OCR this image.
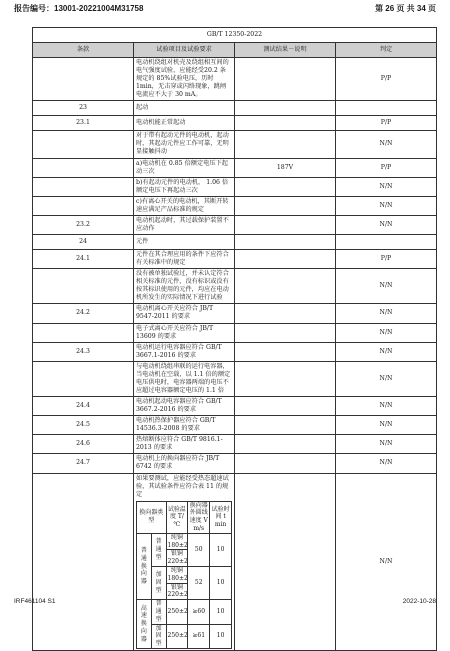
报告编号：13001-20221004M31758	第 26 页 共 34 页
GB/T 12350-2022
条款	试验项目及试验要求	测试结果－说明	判定
	电动机绕组对机壳及绕组相互间的电气强度试验，应能经受20.2 条规定的 85%试验电压，历时 1min，无击穿或闪络现象，跳闸电流应不大于 30 mA。		P/P
23	起动		
23.1	电动机能正常起动		P/P
	对于带有起动元件的电动机，起动时，其起动元件应工作可靠，无明显接触抖动		N/N
	a)电动机在 0.85 倍额定电压下起动三次	187V	P/P
	b)有起动元件的电动机， 1.06 倍额定电压下再起动三次		N/N
	c)有离心开关的电动机，其断开转速应满足产品标准的规定		N/N
23.2	电动机起动时，其过载保护装置不应动作		N/N
24	元件		
24.1	元件在其合理应用的条件下应符合有关标准中的规定		P/P
	没有被单独试验过，并未认定符合相关标准的元件，没有标识或没有按其标识使用的元件，均应在电动机所发生的实际情况下进行试验		N/N
24.2	电动机离心开关应符合 JB/T 9547-2011 的要求		N/N
	电子式离心开关应符合 JB/T 13609 的要求		N/N
24.3	电动机运行电容器应符合 GB/T 3667.1-2016 的要求		N/N
	与电动机绕组串联的运行电容器，当电动机在空载，以 1.1 倍的额定电压供电时，电容器两端的电压不应超过电容器额定电压的 1.1 倍		N/N
24.4	电动机起动电容器应符合 GB/T 3667.2-2016 的要求		N/N
24.5	电动机热保护器应符合 GB/T 14536.3-2008 的要求		N/N
24.6	热熔断体应符合 GB/T 9816.1-2013 的要求		N/N
24.7	电动机上的换向器应符合 JB/T 6742 的要求		N/N

如果要测试，应能经受热态超速试验，其试验条件应符合表 11 的规定
换向器类型	试验温度 T/℃	换向器外圆线速度 V m/s	试验时间 t min
普通换向器	普通型	纯铜 180±2	50	10
银铜 220±2
加固型	纯铜 180±2	52	10
银铜 220±2
高速换向器	普通型	250±2	≥60	10
加固型	250±2	≥61	10
		N/N
IRF461104 S1	2022-10-28
